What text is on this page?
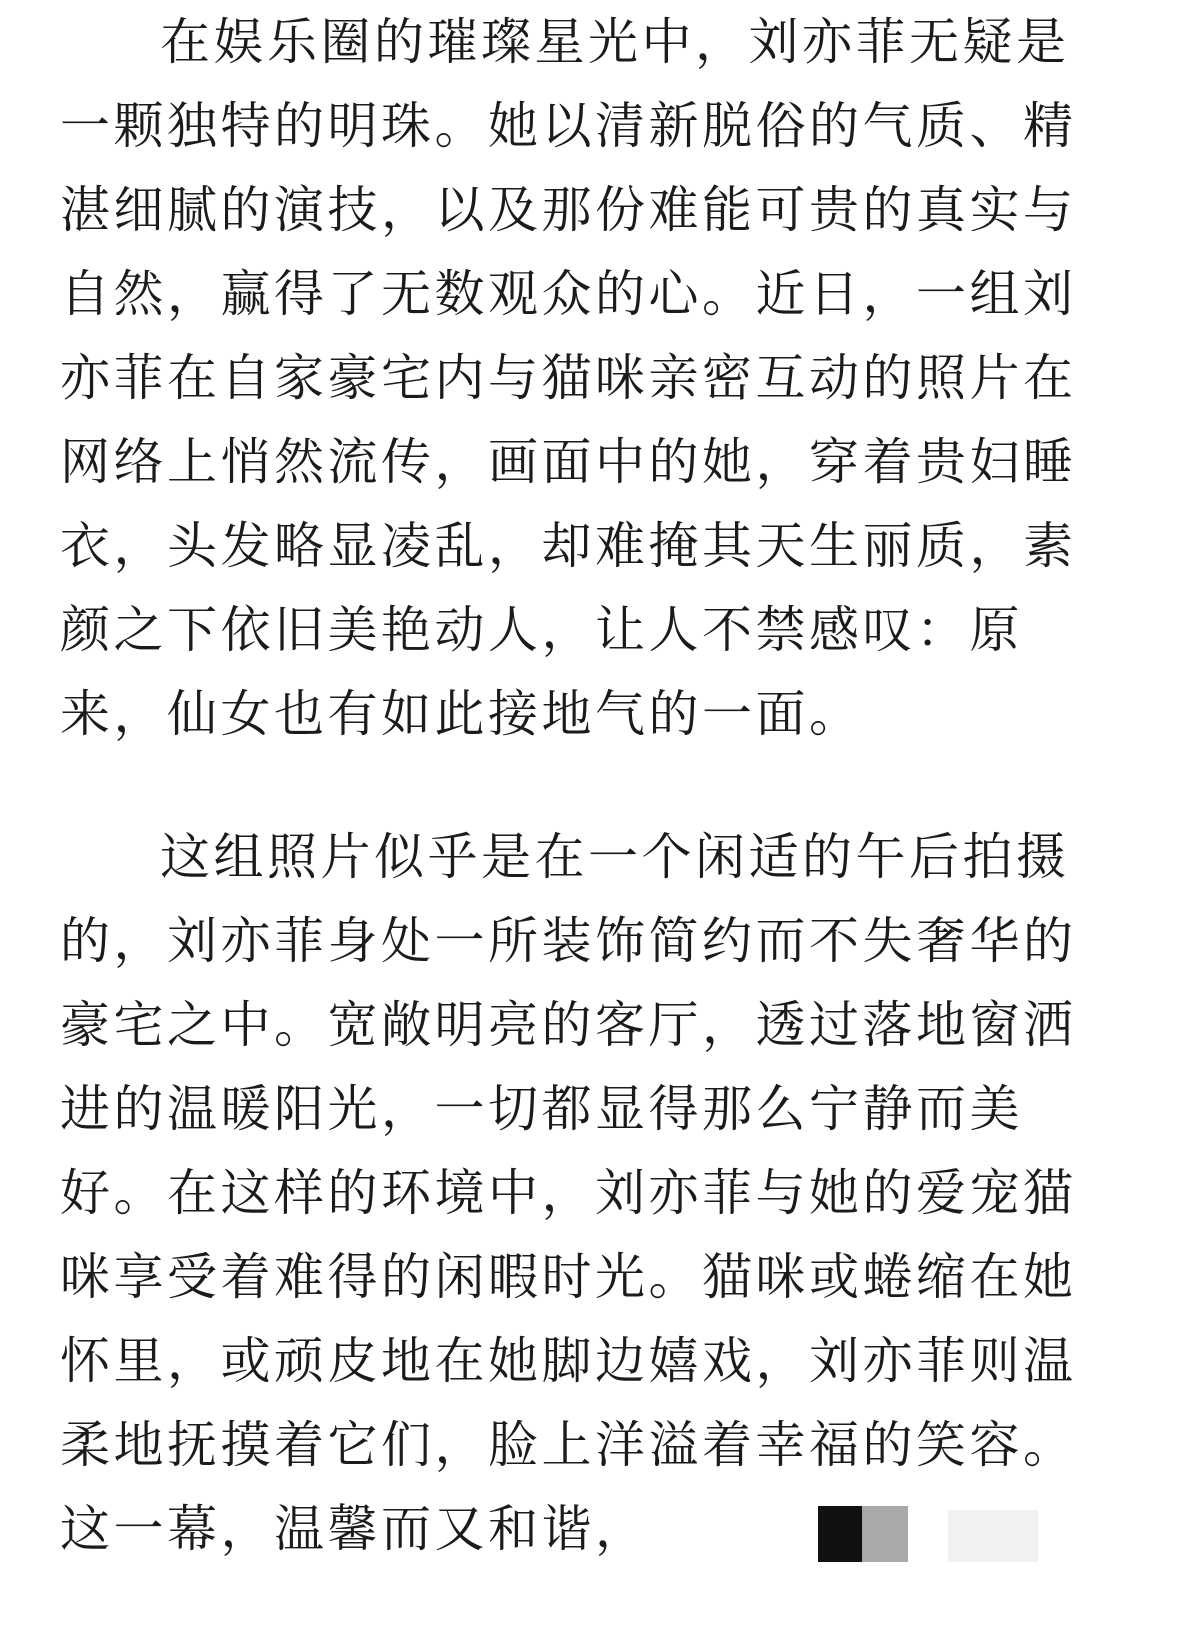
在娱乐圈的璀璨星光中，刘亦菲无疑是
一颗独特的明珠。她以清新脱俗的气质、精
湛细腻的演技，以及那份难能可贵的真实与
自然，赢得了无数观众的心。近日，一组刘
亦菲在自家豪宅内与猫咪亲密互动的照片在
网络上悄然流传，画面中的她，穿着贵妇睡
衣，头发略显凌乱，却难掩其天生丽质，素
颜之下依旧美艳动人，让人不禁感叹：原
来，仙女也有如此接地气的一面。
这组照片似乎是在一个闲适的午后拍摄
的，刘亦菲身处一所装饰简约而不失奢华的
豪宅之中。宽敞明亮的客厅，透过落地窗洒
进的温暖阳光，一切都显得那么宁静而美
好。在这样的环境中，刘亦菲与她的爱宠猫
咪享受着难得的闲暇时光。猫咪或蜷缩在她
怀里，或顽皮地在她脚边嬉戏，刘亦菲则温
柔地抚摸着它们，脸上洋溢着幸福的笑容。
这一幕，温馨而又和谐，
